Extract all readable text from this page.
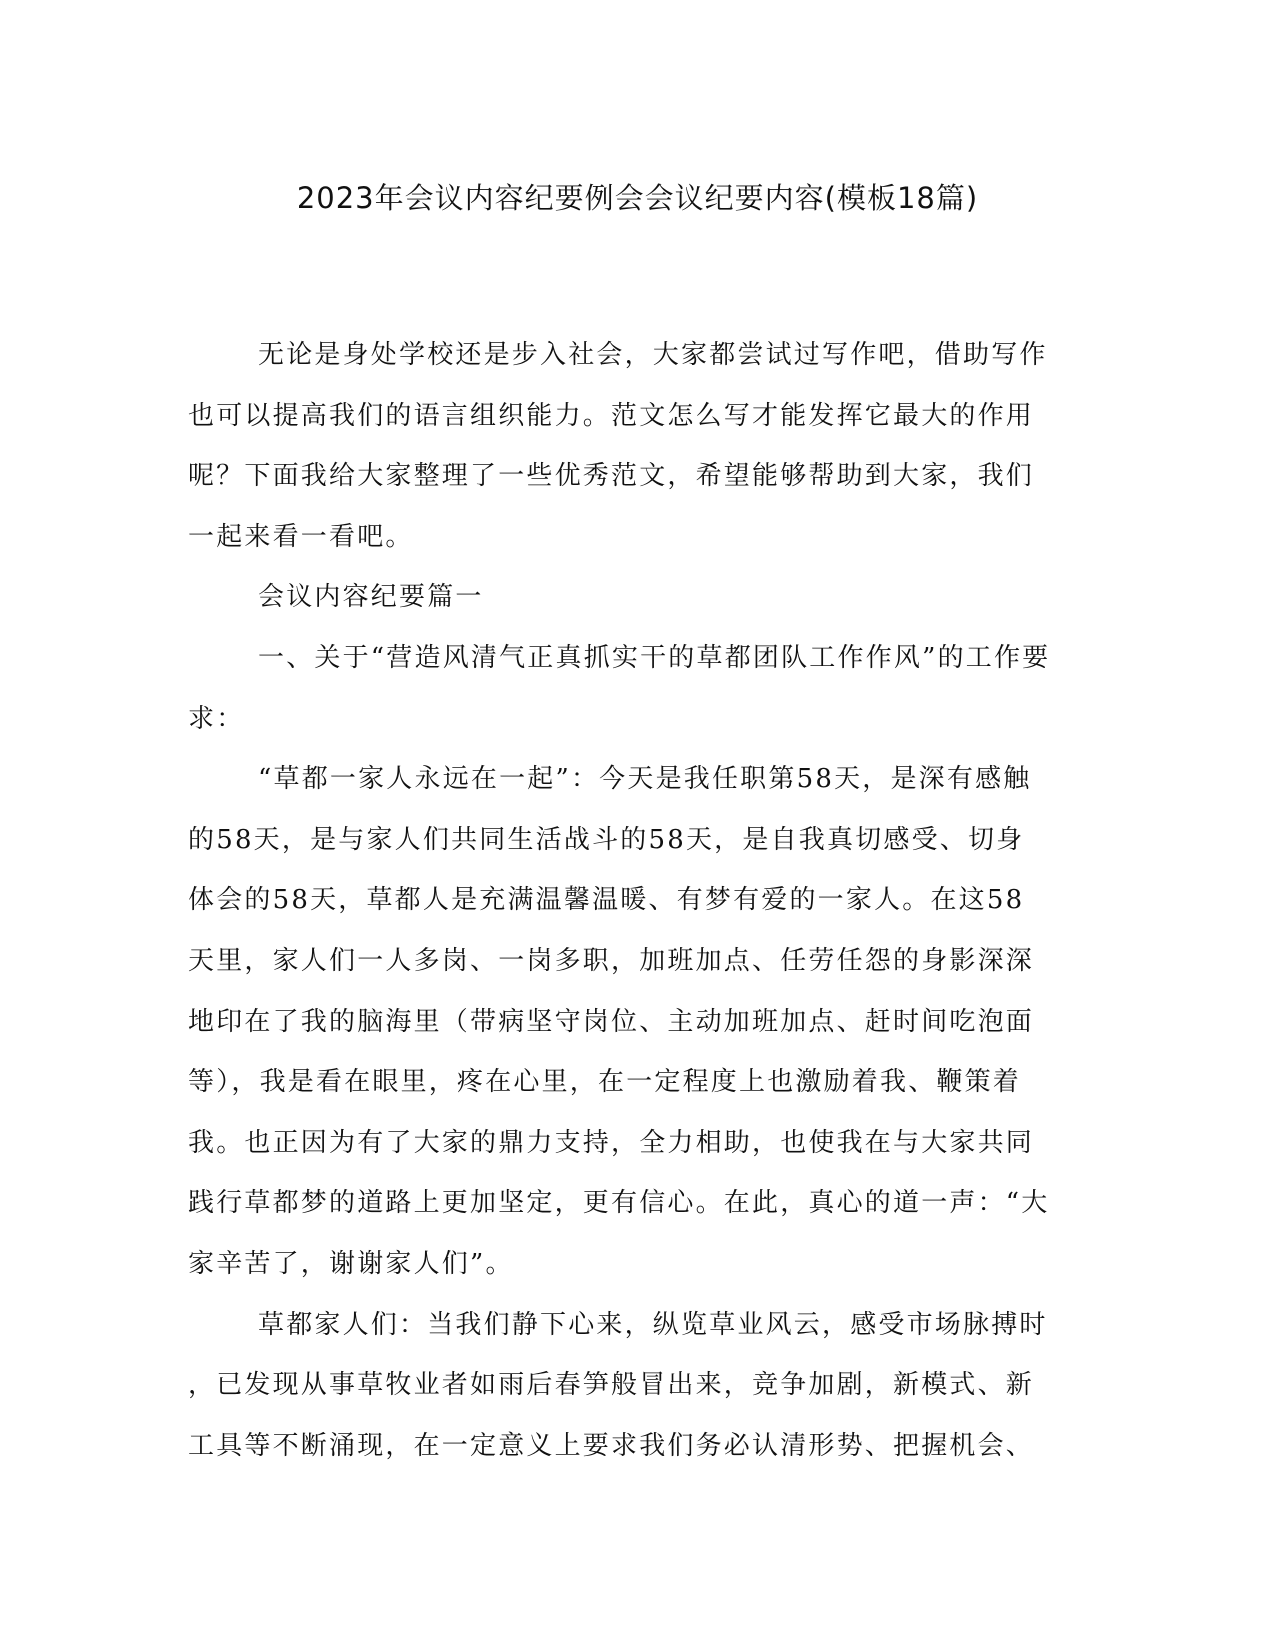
2023年会议内容纪要例会会议纪要内容(模板18篇)
无论是身处学校还是步入社会，大家都尝试过写作吧，借助写作
也可以提高我们的语言组织能力。范文怎么写才能发挥它最大的作用
呢？下面我给大家整理了一些优秀范文，希望能够帮助到大家，我们
一起来看一看吧。
会议内容纪要篇一
一、关于“营造风清气正真抓实干的草都团队工作作风”的工作要
求：
“草都一家人永远在一起”：今天是我任职第58天，是深有感触
的58天，是与家人们共同生活战斗的58天，是自我真切感受、切身
体会的58天，草都人是充满温馨温暖、有梦有爱的一家人。在这58
天里，家人们一人多岗、一岗多职，加班加点、任劳任怨的身影深深
地印在了我的脑海里（带病坚守岗位、主动加班加点、赶时间吃泡面
等），我是看在眼里，疼在心里，在一定程度上也激励着我、鞭策着
我。也正因为有了大家的鼎力支持，全力相助，也使我在与大家共同
践行草都梦的道路上更加坚定，更有信心。在此，真心的道一声：“大
家辛苦了，谢谢家人们”。
草都家人们：当我们静下心来，纵览草业风云，感受市场脉搏时
，已发现从事草牧业者如雨后春笋般冒出来，竞争加剧，新模式、新
工具等不断涌现，在一定意义上要求我们务必认清形势、把握机会、
